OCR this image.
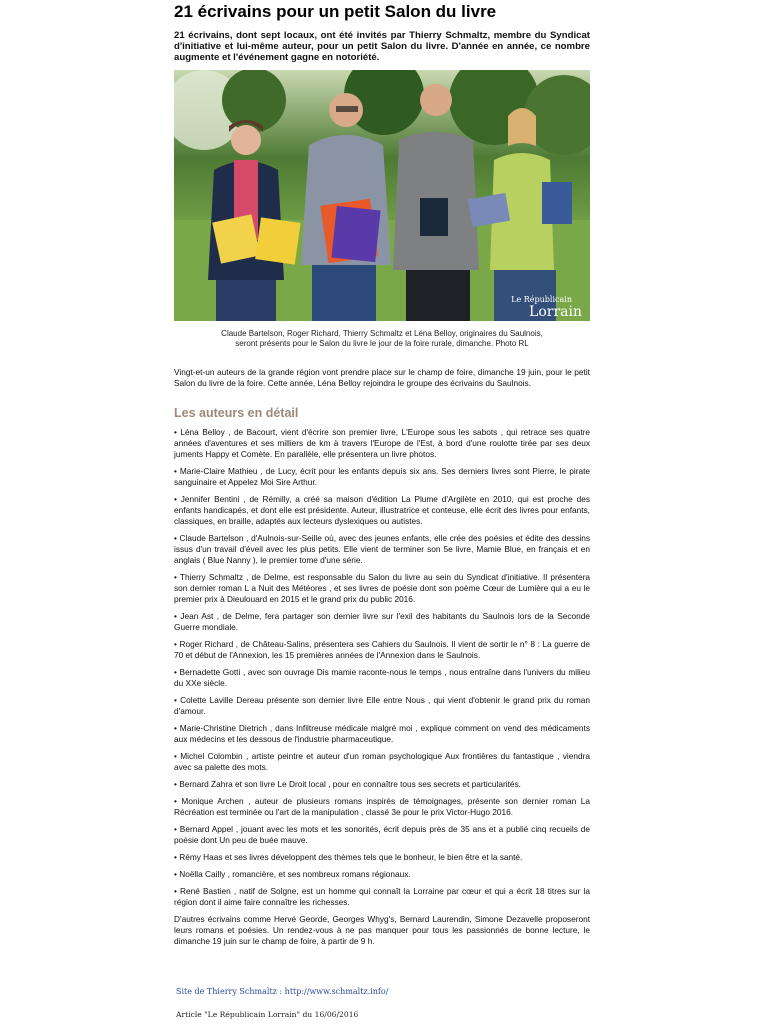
21 écrivains pour un petit Salon du livre

21 écrivains, dont sept locaux, ont été invités par Thierry Schmaltz, membre du Syndicat d'initiative et lui-même auteur, pour un petit Salon du livre. D'année en année, ce nombre augmente et l'événement gagne en notoriété.

Le Républicain
Lorrain
Claude Bartelson, Roger Richard, Thierry Schmaltz et Léna Belloy, originaires du Saulnois,
seront présents pour le Salon du livre le jour de la foire rurale, dimanche. Photo RL

Vingt-et-un auteurs de la grande région vont prendre place sur le champ de foire, dimanche 19 juin, pour le petit Salon du livre de la foire. Cette année, Léna Belloy rejoindra le groupe des écrivains du Saulnois.

Les auteurs en détail

• Léna Belloy , de Bacourt, vient d'écrire son premier livre, L'Europe sous les sabots , qui retrace ses quatre années d'aventures et ses milliers de km à travers l'Europe de l'Est, à bord d'une roulotte tirée par ses deux juments Happy et Comète. En parallèle, elle présentera un livre photos.

• Marie-Claire Mathieu , de Lucy, écrit pour les enfants depuis six ans. Ses derniers livres sont Pierre, le pirate sanguinaire et Appelez Moi Sire Arthur.

• Jennifer Bentini , de Rémilly, a créé sa maison d'édition La Plume d'Argilète en 2010, qui est proche des enfants handicapés, et dont elle est présidente. Auteur, illustratrice et conteuse, elle écrit des livres pour enfants, classiques, en braille, adaptés aux lecteurs dyslexiques ou autistes.

• Claude Bartelson , d'Aulnois-sur-Seille où, avec des jeunes enfants, elle crée des poésies et édite des dessins issus d'un travail d'éveil avec les plus petits. Elle vient de terminer son 5e livre, Mamie Blue, en français et en anglais ( Blue Nanny ), le premier tome d'une série.

• Thierry Schmaltz , de Delme, est responsable du Salon du livre au sein du Syndicat d'initiative. Il présentera son dernier roman L a Nuit des Météores , et ses livres de poésie dont son poème Cœur de Lumière qui a eu le premier prix à Dieulouard en 2015 et le grand prix du public 2016.

• Jean Ast , de Delme, fera partager son dernier livre sur l'exil des habitants du Saulnois lors de la Seconde Guerre mondiale.

• Roger Richard , de Château-Salins, présentera ses Cahiers du Saulnois. Il vient de sortir le n° 8 : La guerre de 70 et début de l'Annexion, les 15 premières années de l'Annexion dans le Saulnois.

• Bernadette Gotti , avec son ouvrage Dis mamie raconte-nous le temps , nous entraîne dans l'univers du milieu du XXe siècle.

• Colette Laville Dereau présente son dernier livre Elle entre Nous , qui vient d'obtenir le grand prix du roman d'amour.

• Marie-Christine Dietrich , dans Infiltreuse médicale malgré moi , explique comment on vend des médicaments aux médecins et les dessous de l'industrie pharmaceutique.

• Michel Colombin , artiste peintre et auteur d'un roman psychologique Aux frontières du fantastique , viendra avec sa palette des mots.

• Bernard Zahra et son livre Le Droit local , pour en connaître tous ses secrets et particularités.

• Monique Archen , auteur de plusieurs romans inspirés de témoignages, présente son dernier roman La Récréation est terminée ou l'art de la manipulation , classé 3e pour le prix Victor-Hugo 2016.

• Bernard Appel , jouant avec les mots et les sonorités, écrit depuis près de 35 ans et a publié cinq recueils de poésie dont Un peu de buée mauve.

• Rémy Haas et ses livres développent des thèmes tels que le bonheur, le bien être et la santé.

• Noëlla Cailly , romancière, et ses nombreux romans régionaux.

• René Bastien , natif de Solgne, est un homme qui connaît la Lorraine par cœur et qui a écrit 18 titres sur la région dont il aime faire connaître les richesses.

D'autres écrivains comme Hervé Georde, Georges Whyg's, Bernard Laurendin, Simone Dezavelle proposeront leurs romans et poésies. Un rendez-vous à ne pas manquer pour tous les passionnés de bonne lecture, le dimanche 19 juin sur le champ de foire, à partir de 9 h.

Site de Thierry Schmaltz : http://www.schmaltz.info/
Article "Le Républicain Lorrain" du 16/06/2016
